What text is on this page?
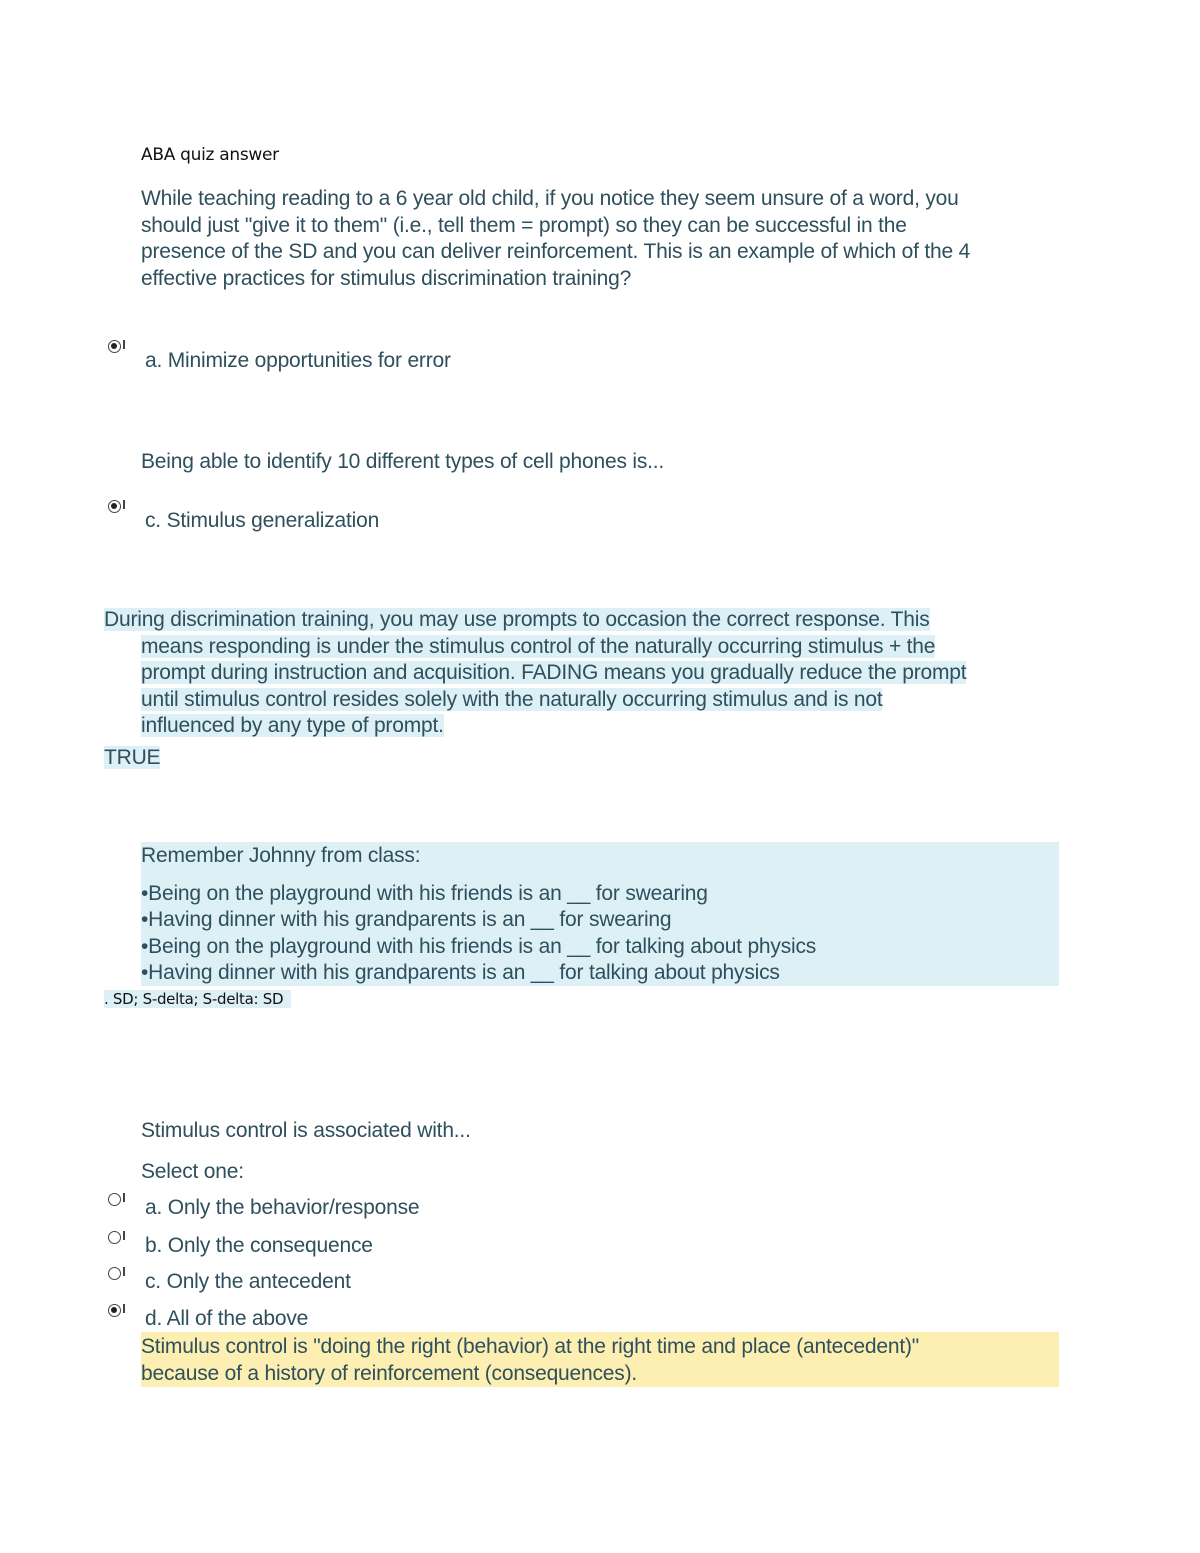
ABA quiz answer
While teaching reading to a 6 year old child, if you notice they seem unsure of a word, you
should just "give it to them" (i.e., tell them = prompt) so they can be successful in the
presence of the SD and you can deliver reinforcement. This is an example of which of the 4
effective practices for stimulus discrimination training?
a. Minimize opportunities for error
Being able to identify 10 different types of cell phones is...
c. Stimulus generalization
During discrimination training, you may use prompts to occasion the correct response. This
means responding is under the stimulus control of the naturally occurring stimulus + the
prompt during instruction and acquisition. FADING means you gradually reduce the prompt
until stimulus control resides solely with the naturally occurring stimulus and is not
influenced by any type of prompt.
TRUE
Remember Johnny from class:
•Being on the playground with his friends is an __ for swearing
•Having dinner with his grandparents is an __ for swearing
•Being on the playground with his friends is an __ for talking about physics
•Having dinner with his grandparents is an __ for talking about physics
. SD; S-delta; S-delta: SD
Stimulus control is associated with...
Select one:
a. Only the behavior/response
b. Only the consequence
c. Only the antecedent
d. All of the above
Stimulus control is "doing the right (behavior) at the right time and place (antecedent)"
because of a history of reinforcement (consequences).
